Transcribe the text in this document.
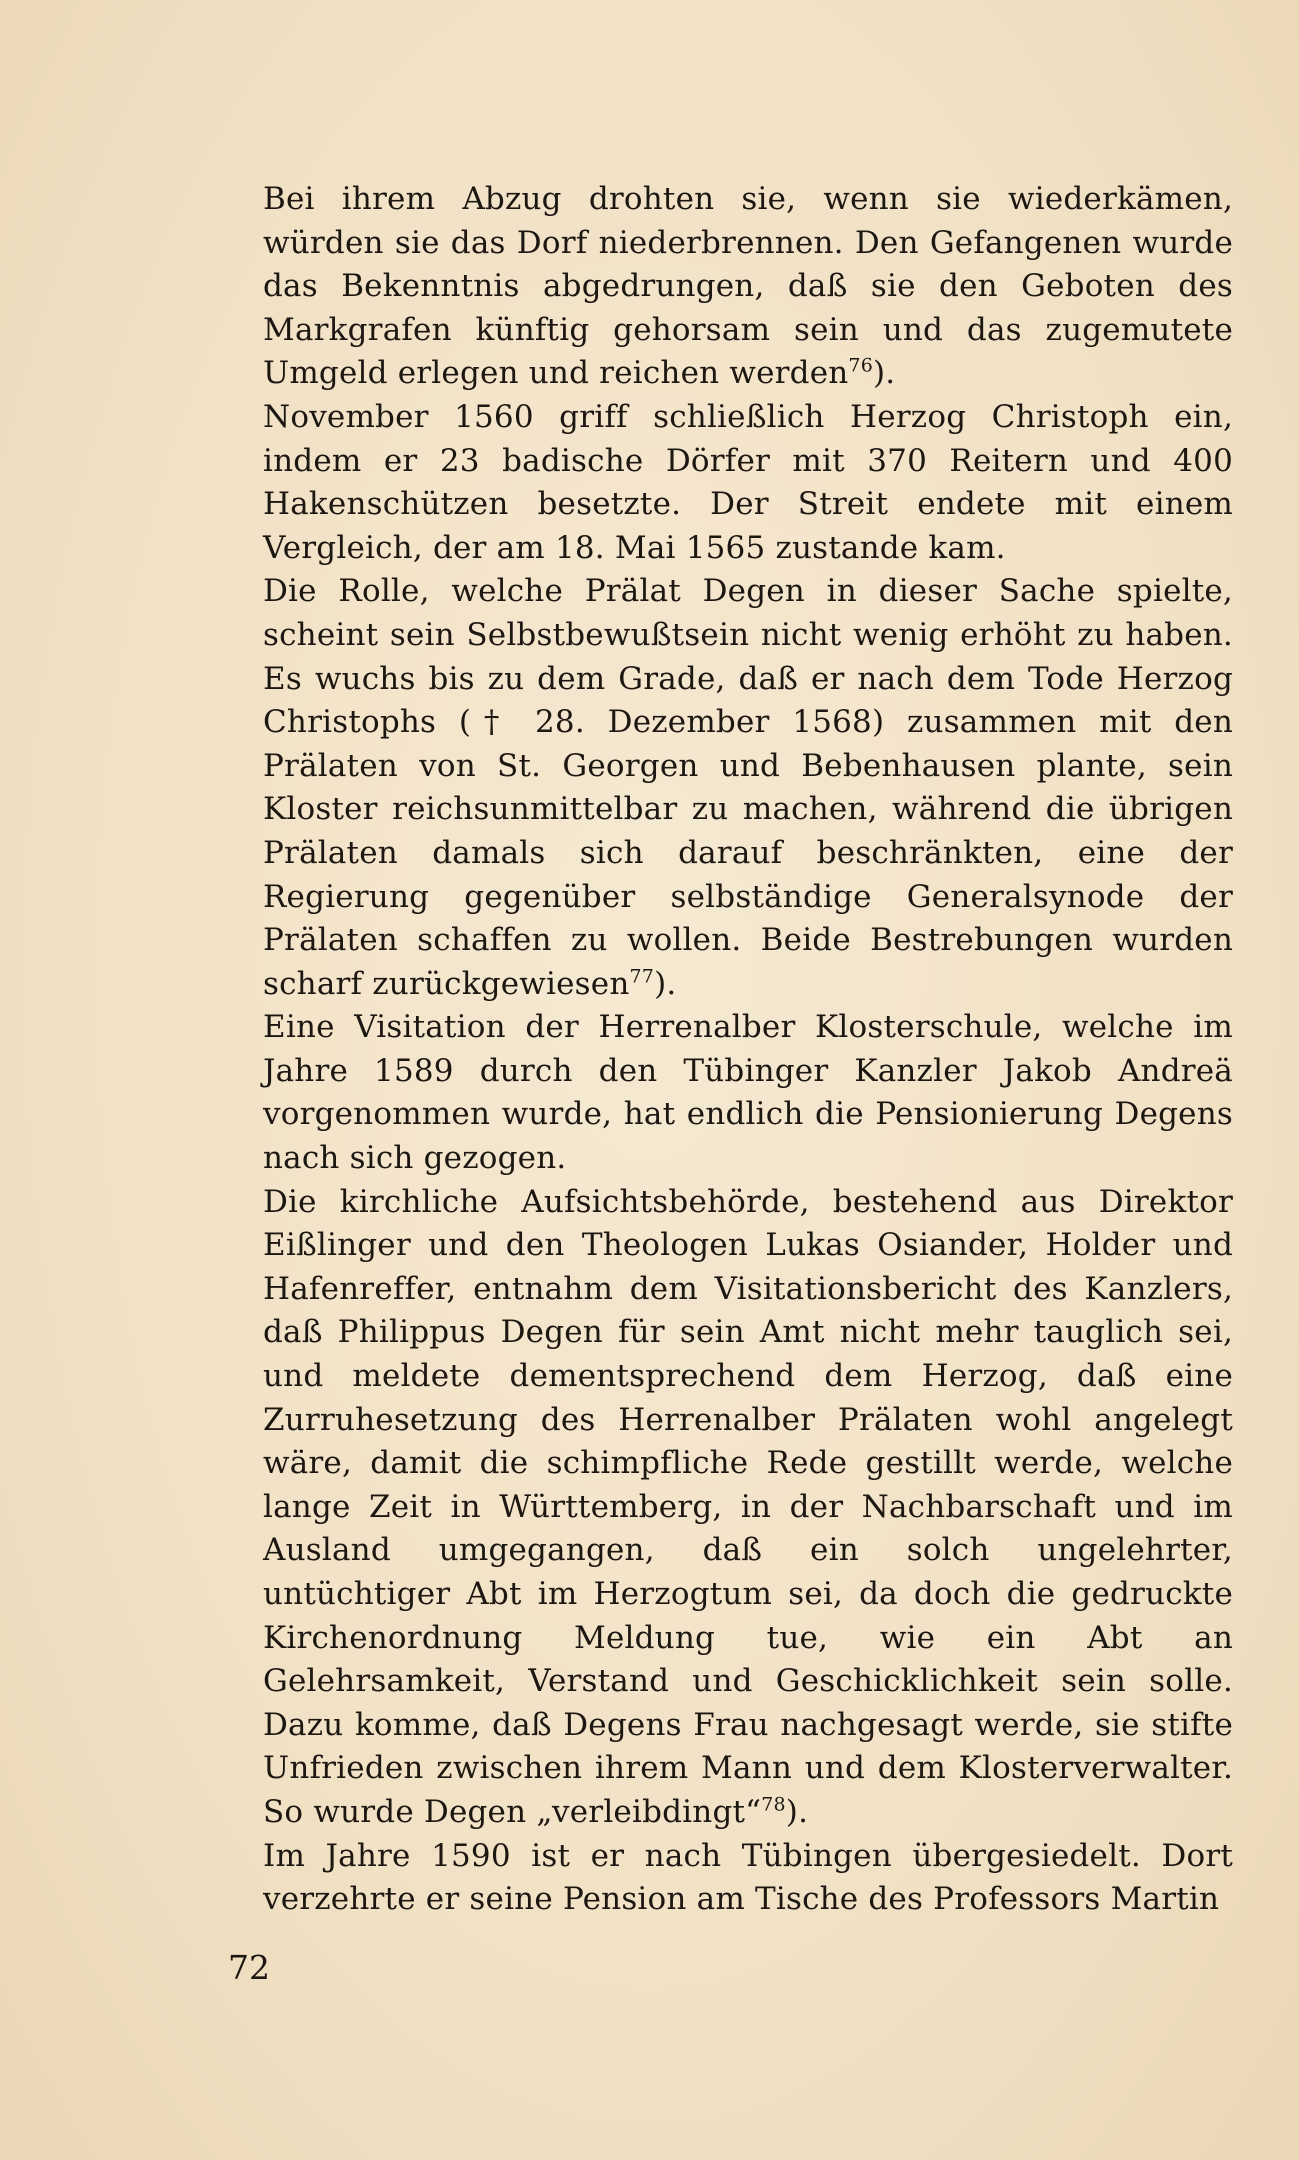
Bei ihrem Abzug drohten sie, wenn sie wiederkämen, würden sie das Dorf niederbrennen. Den Gefangenen wurde das Bekenntnis abgedrungen, daß sie den Geboten des Markgrafen künftig gehorsam sein und das zugemutete Umgeld erlegen und reichen werden$^{76}$).

November 1560 griff schließlich Herzog Christoph ein, indem er 23 badische Dörfer mit 370 Reitern und 400 Hakenschützen besetzte. Der Streit endete mit einem Vergleich, der am 18. Mai 1565 zustande kam.

Die Rolle, welche Prälat Degen in dieser Sache spielte, scheint sein Selbstbewußtsein nicht wenig erhöht zu haben. Es wuchs bis zu dem Grade, daß er nach dem Tode Herzog Christophs († 28. Dezember 1568) zusammen mit den Prälaten von St. Georgen und Bebenhausen plante, sein Kloster reichsunmittelbar zu machen, während die übrigen Prälaten damals sich darauf beschränkten, eine der Regierung gegenüber selbständige Generalsynode der Prälaten schaffen zu wollen. Beide Bestrebungen wurden scharf zurückgewiesen$^{77}$).

Eine Visitation der Herrenalber Klosterschule, welche im Jahre 1589 durch den Tübinger Kanzler Jakob Andreä vorgenommen wurde, hat endlich die Pensionierung Degens nach sich gezogen.

Die kirchliche Aufsichtsbehörde, bestehend aus Direktor Eißlinger und den Theologen Lukas Osiander, Holder und Hafenreffer, entnahm dem Visitationsbericht des Kanzlers, daß Philippus Degen für sein Amt nicht mehr tauglich sei, und meldete dementsprechend dem Herzog, daß eine Zurruhesetzung des Herrenalber Prälaten wohl angelegt wäre, damit die schimpfliche Rede gestillt werde, welche lange Zeit in Württemberg, in der Nachbarschaft und im Ausland umgegangen, daß ein solch ungelehrter, untüchtiger Abt im Herzogtum sei, da doch die gedruckte Kirchenordnung Meldung tue, wie ein Abt an Gelehrsamkeit, Verstand und Geschicklichkeit sein solle. Dazu komme, daß Degens Frau nachgesagt werde, sie stifte Unfrieden zwischen ihrem Mann und dem Klosterverwalter. So wurde Degen „verleibdingt“$^{78}$).

Im Jahre 1590 ist er nach Tübingen übergesiedelt. Dort verzehrte er seine Pension am Tische des Professors Martin

72
